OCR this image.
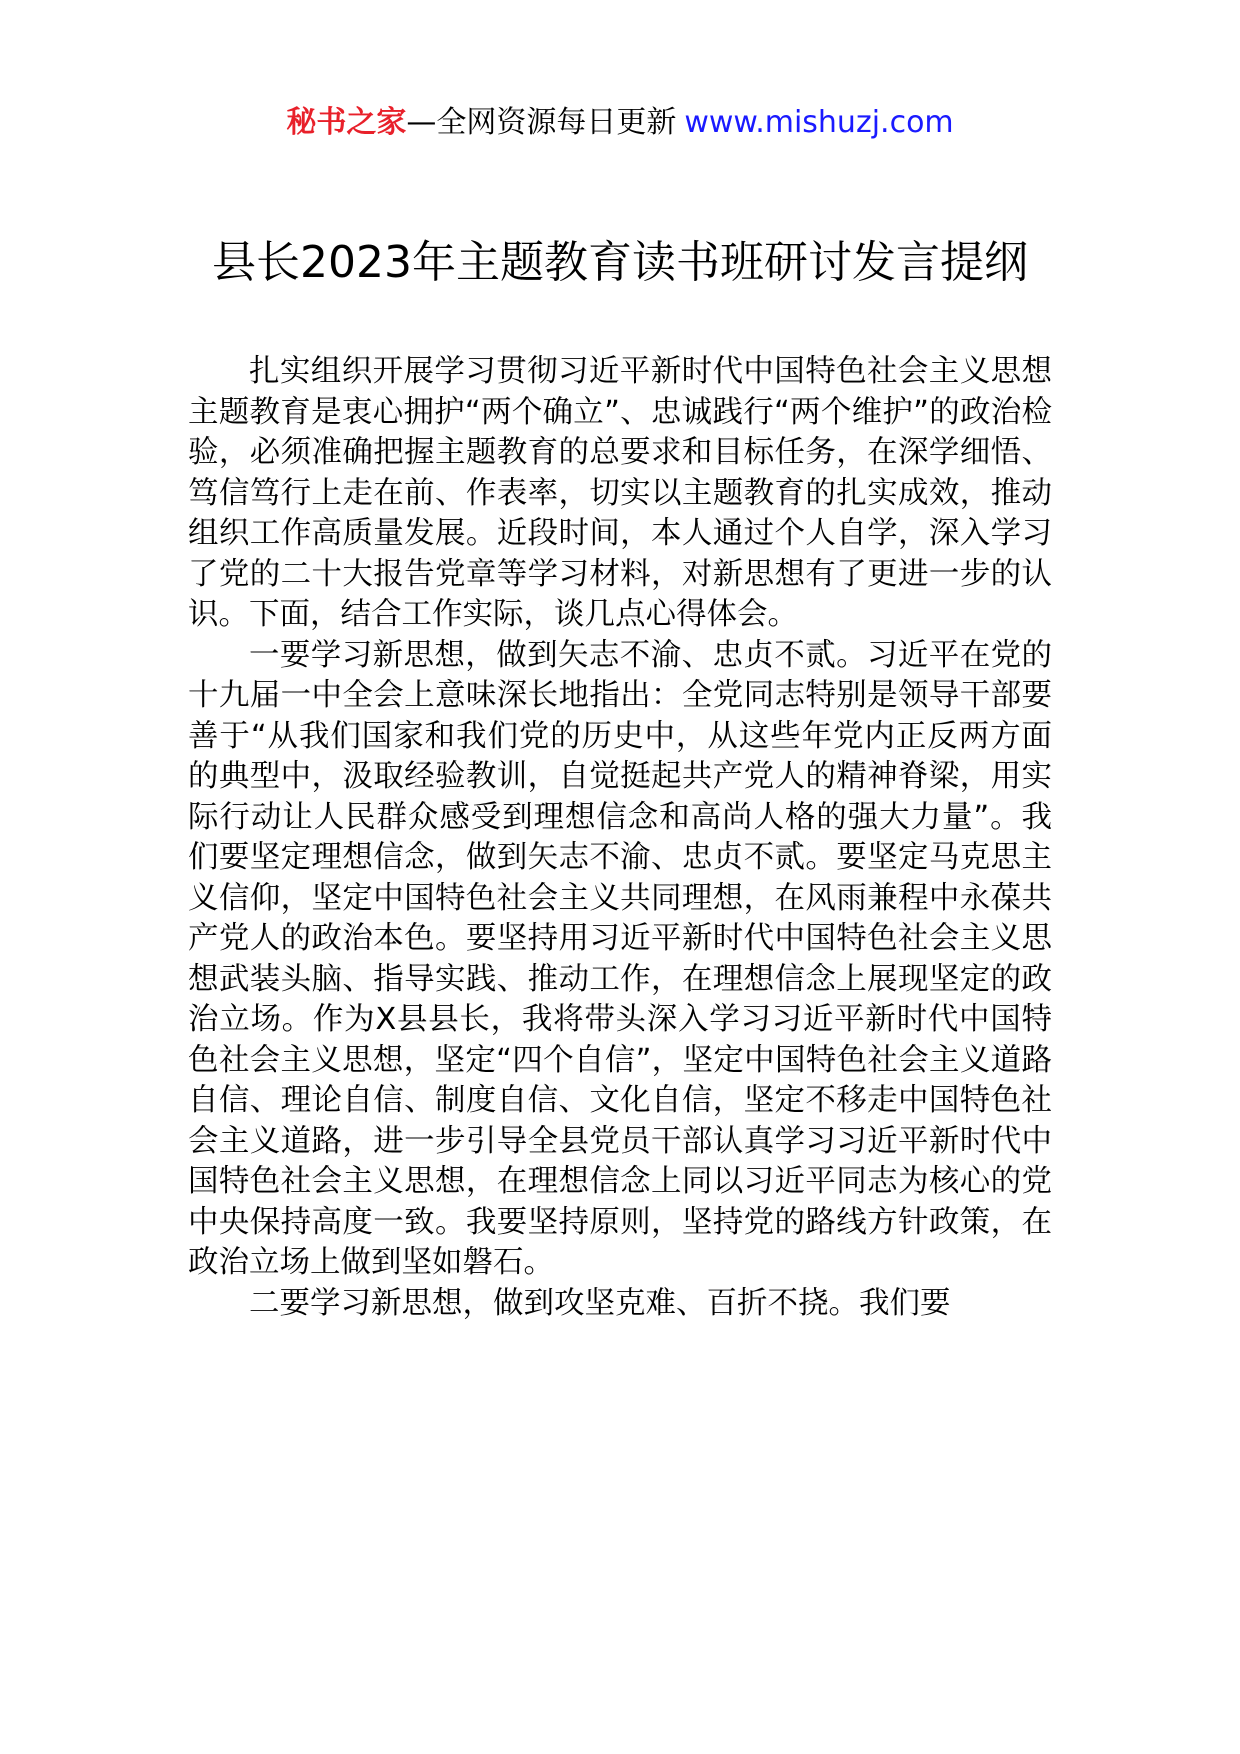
秘书之家—全网资源每日更新 www.mishuzj.com
县长2023年主题教育读书班研讨发言提纲

扎实组织开展学习贯彻习近平新时代中国特色社会主义思想主题教育是衷心拥护“两个确立”、忠诚践行“两个维护”的政治检验，必须准确把握主题教育的总要求和目标任务，在深学细悟、笃信笃行上走在前、作表率，切实以主题教育的扎实成效，推动组织工作高质量发展。近段时间，本人通过个人自学，深入学习了党的二十大报告党章等学习材料，对新思想有了更进一步的认识。下面，结合工作实际，谈几点心得体会。

一要学习新思想，做到矢志不渝、忠贞不贰。习近平在党的十九届一中全会上意味深长地指出：全党同志特别是领导干部要善于“从我们国家和我们党的历史中，从这些年党内正反两方面的典型中，汲取经验教训，自觉挺起共产党人的精神脊梁，用实际行动让人民群众感受到理想信念和高尚人格的强大力量”。我们要坚定理想信念，做到矢志不渝、忠贞不贰。要坚定马克思主义信仰，坚定中国特色社会主义共同理想，在风雨兼程中永葆共产党人的政治本色。要坚持用习近平新时代中国特色社会主义思想武装头脑、指导实践、推动工作，在理想信念上展现坚定的政治立场。作为X县县长，我将带头深入学习习近平新时代中国特色社会主义思想，坚定“四个自信”，坚定中国特色社会主义道路自信、理论自信、制度自信、文化自信，坚定不移走中国特色社会主义道路，进一步引导全县党员干部认真学习习近平新时代中国特色社会主义思想，在理想信念上同以习近平同志为核心的党中央保持高度一致。我要坚持原则，坚持党的路线方针政策，在政治立场上做到坚如磐石。

二要学习新思想，做到攻坚克难、百折不挠。我们要
